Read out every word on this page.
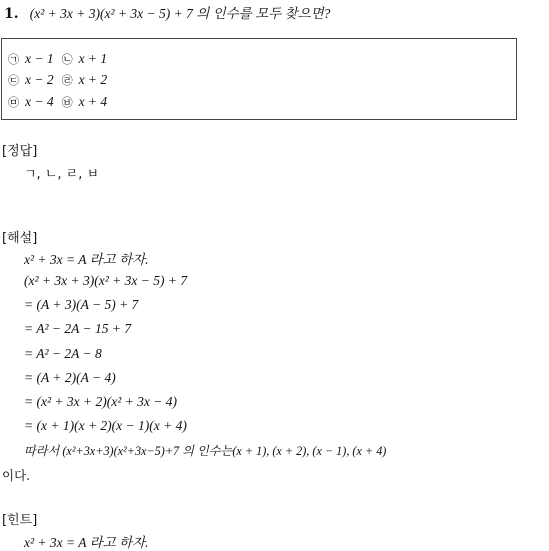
1. (x² + 3x + 3)(x² + 3x − 5) + 7 의 인수를 모두 찾으면?
㉠ x − 1 ㉡ x + 1
㉢ x − 2 ㉣ x + 2
㉤ x − 4 ㉥ x + 4
[정답]
ㄱ, ㄴ, ㄹ, ㅂ
[해설]
x² + 3x = A 라고 하자.
(x² + 3x + 3)(x² + 3x − 5) + 7
= (A + 3)(A − 5) + 7
= A² − 2A − 15 + 7
= A² − 2A − 8
= (A + 2)(A − 4)
= (x² + 3x + 2)(x² + 3x − 4)
= (x + 1)(x + 2)(x − 1)(x + 4)
따라서 (x²+3x+3)(x²+3x−5)+7 의 인수는(x + 1), (x + 2), (x − 1), (x + 4)
이다.
[힌트]
x² + 3x = A 라고 하자.
